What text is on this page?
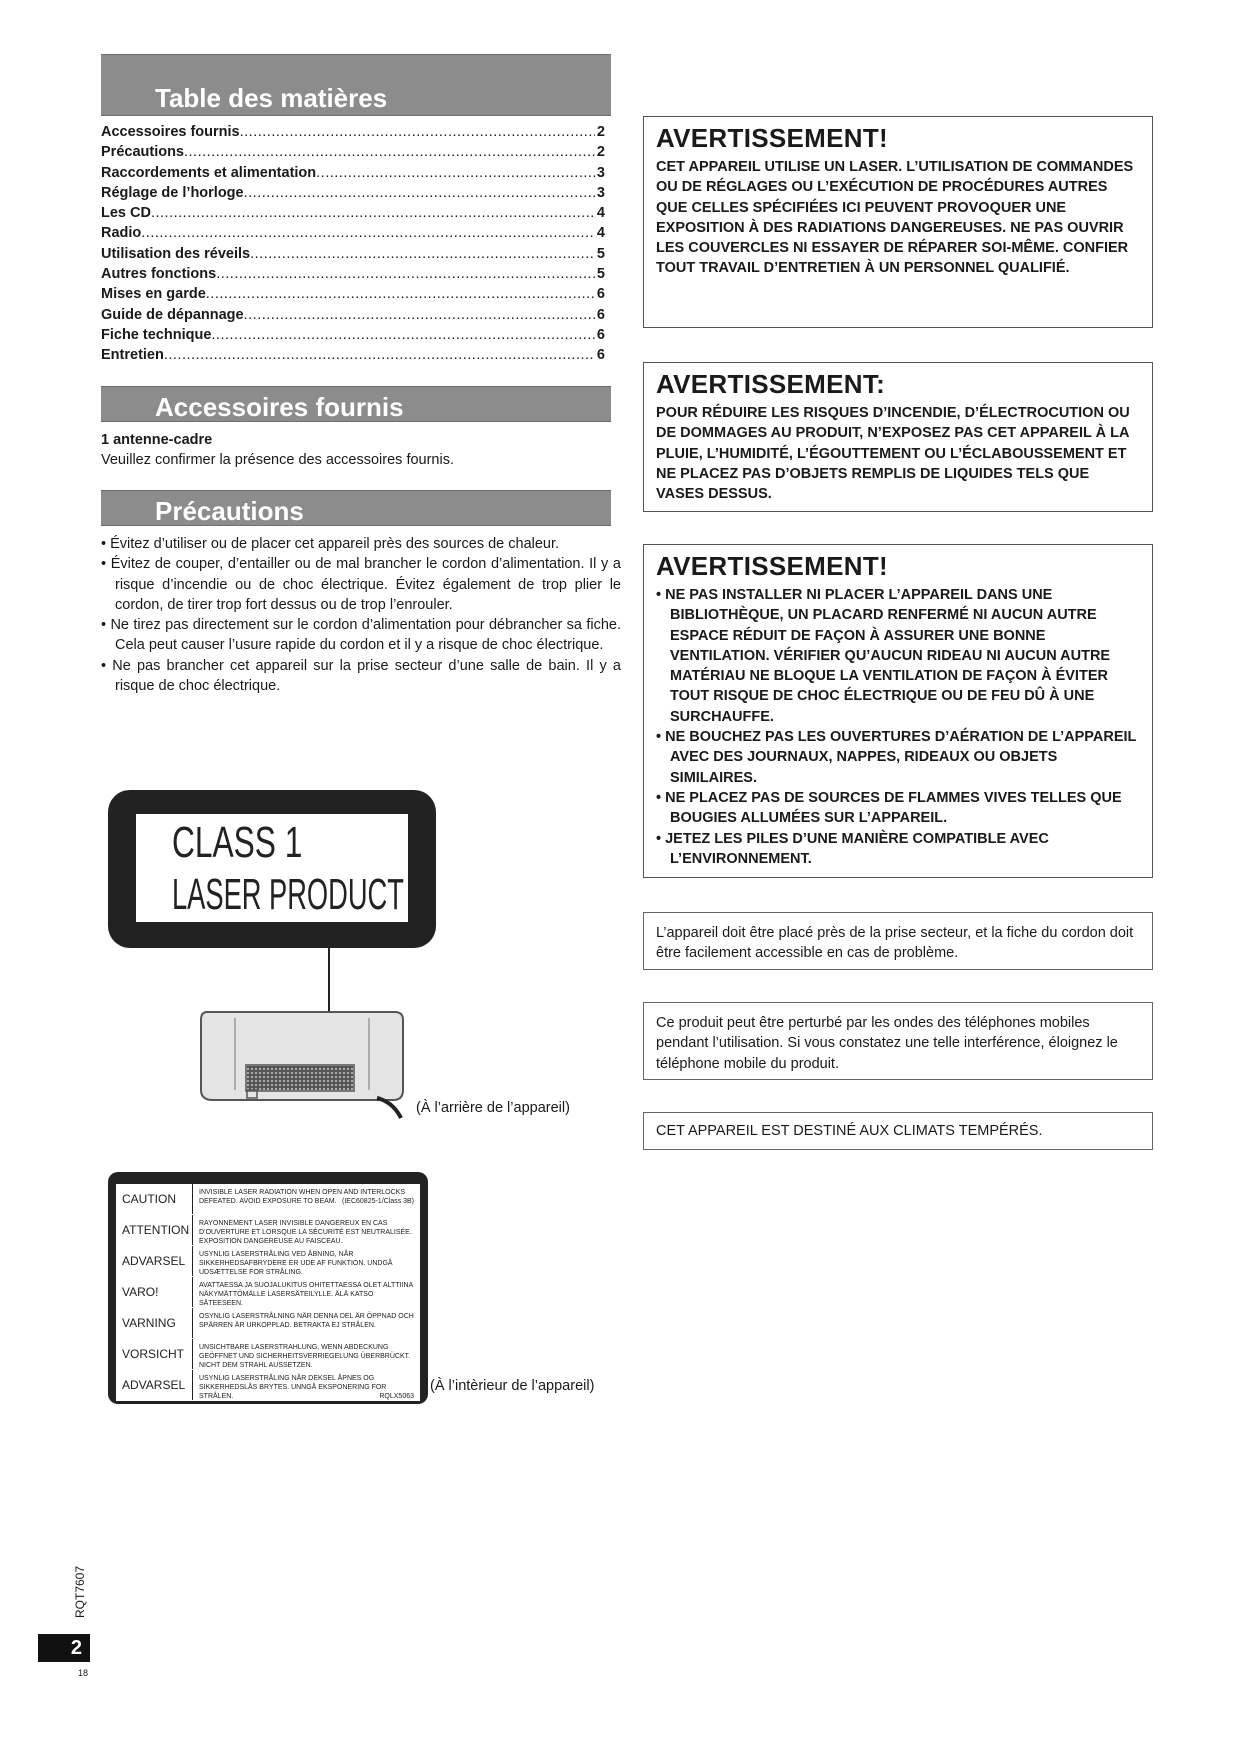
Table des matières
Accessoires fournis .....	2
Précautions .....	2
Raccordements et alimentation .....	3
Réglage de l’horloge .....	3
Les CD .....	4
Radio .....	4
Utilisation des réveils .....	5
Autres fonctions .....	5
Mises en garde .....	6
Guide de dépannage .....	6
Fiche technique .....	6
Entretien .....	6
Accessoires fournis
1 antenne-cadre
Veuillez confirmer la présence des accessoires fournis.
Précautions
• Évitez d’utiliser ou de placer cet appareil près des sources de chaleur.
• Évitez de couper, d’entailler ou de mal brancher le cordon d’alimentation. Il y a risque d’incendie ou de choc électrique. Évitez également de trop plier le cordon, de tirer trop fort dessus ou de trop l’enrouler.
• Ne tirez pas directement sur le cordon d’alimentation pour débrancher sa fiche. Cela peut causer l’usure rapide du cordon et il y a risque de choc électrique.
• Ne pas brancher cet appareil sur la prise secteur d’une salle de bain. Il y a risque de choc électrique.
CLASS 1
LASER PRODUCT
(À l’arrière de l’appareil)
CAUTION	INVISIBLE LASER RADIATION WHEN OPEN AND INTERLOCKS DEFEATED. AVOID EXPOSURE TO BEAM. (IEC60825-1/Class 3B)
ATTENTION	RAYONNEMENT LASER INVISIBLE DANGEREUX EN CAS D’OUVERTURE ET LORSQUE LA SÉCURITÉ EST NEUTRALISÉE. EXPOSITION DANGEREUSE AU FAISCEAU.
ADVARSEL	USYNLIG LASERSTRÅLING VED ÅBNING, NÅR SIKKERHEDSAFBRYDERE ER UDE AF FUNKTION. UNDGÅ UDSÆTTELSE FOR STRÅLING.
VARO!	AVATTAESSA JA SUOJALUKITUS OHITETTAESSA OLET ALTTIINA NÄKYMÄTTÖMÄLLE LASERSÄTEILYLLE. ÄLÄ KATSO SÄTEESEEN.
VARNING	OSYNLIG LASERSTRÅLNING NÄR DENNA DEL ÄR ÖPPNAD OCH SPÄRREN ÄR URKOPPLAD. BETRAKTA EJ STRÅLEN.
VORSICHT	UNSICHTBARE LASERSTRAHLUNG, WENN ABDECKUNG GEÖFFNET UND SICHERHEITSVERRIEGELUNG ÜBERBRÜCKT. NICHT DEM STRAHL AUSSETZEN.
ADVARSEL	USYNLIG LASERSTRÅLING NÅR DEKSEL ÅPNES OG SIKKERHEDSLÅS BRYTES. UNNGÅ EKSPONERING FOR STRÅLEN.	RQLX5063
(À l’intèrieur de l’appareil)
AVERTISSEMENT!
CET APPAREIL UTILISE UN LASER. L’UTILISATION DE COMMANDES OU DE RÉGLAGES OU L’EXÉCUTION DE PROCÉDURES AUTRES QUE CELLES SPÉCIFIÉES ICI PEUVENT PROVOQUER UNE EXPOSITION À DES RADIATIONS DANGEREUSES. NE PAS OUVRIR LES COUVERCLES NI ESSAYER DE RÉPARER SOI-MÊME. CONFIER TOUT TRAVAIL D’ENTRETIEN À UN PERSONNEL QUALIFIÉ.
AVERTISSEMENT:
POUR RÉDUIRE LES RISQUES D’INCENDIE, D’ÉLECTROCUTION OU DE DOMMAGES AU PRODUIT, N’EXPOSEZ PAS CET APPAREIL À LA PLUIE, L’HUMIDITÉ, L’ÉGOUTTEMENT OU L’ÉCLABOUSSEMENT ET NE PLACEZ PAS D’OBJETS REMPLIS DE LIQUIDES TELS QUE VASES DESSUS.
AVERTISSEMENT!
• NE PAS INSTALLER NI PLACER L’APPAREIL DANS UNE BIBLIOTHÈQUE, UN PLACARD RENFERMÉ NI AUCUN AUTRE ESPACE RÉDUIT DE FAÇON À ASSURER UNE BONNE VENTILATION. VÉRIFIER QU’AUCUN RIDEAU NI AUCUN AUTRE MATÉRIAU NE BLOQUE LA VENTILATION DE FAÇON À ÉVITER TOUT RISQUE DE CHOC ÉLECTRIQUE OU DE FEU DÛ À UNE SURCHAUFFE.
• NE BOUCHEZ PAS LES OUVERTURES D’AÉRATION DE L’APPAREIL AVEC DES JOURNAUX, NAPPES, RIDEAUX OU OBJETS SIMILAIRES.
• NE PLACEZ PAS DE SOURCES DE FLAMMES VIVES TELLES QUE BOUGIES ALLUMÉES SUR L’APPAREIL.
• JETEZ LES PILES D’UNE MANIÈRE COMPATIBLE AVEC L’ENVIRONNEMENT.
L’appareil doit être placé près de la prise secteur, et la fiche du cordon doit être facilement accessible en cas de problème.
Ce produit peut être perturbé par les ondes des téléphones mobiles pendant l’utilisation. Si vous constatez une telle interférence, éloignez le téléphone mobile du produit.
CET APPAREIL EST DESTINÉ AUX CLIMATS TEMPÉRÉS.
RQT7607
2
18
